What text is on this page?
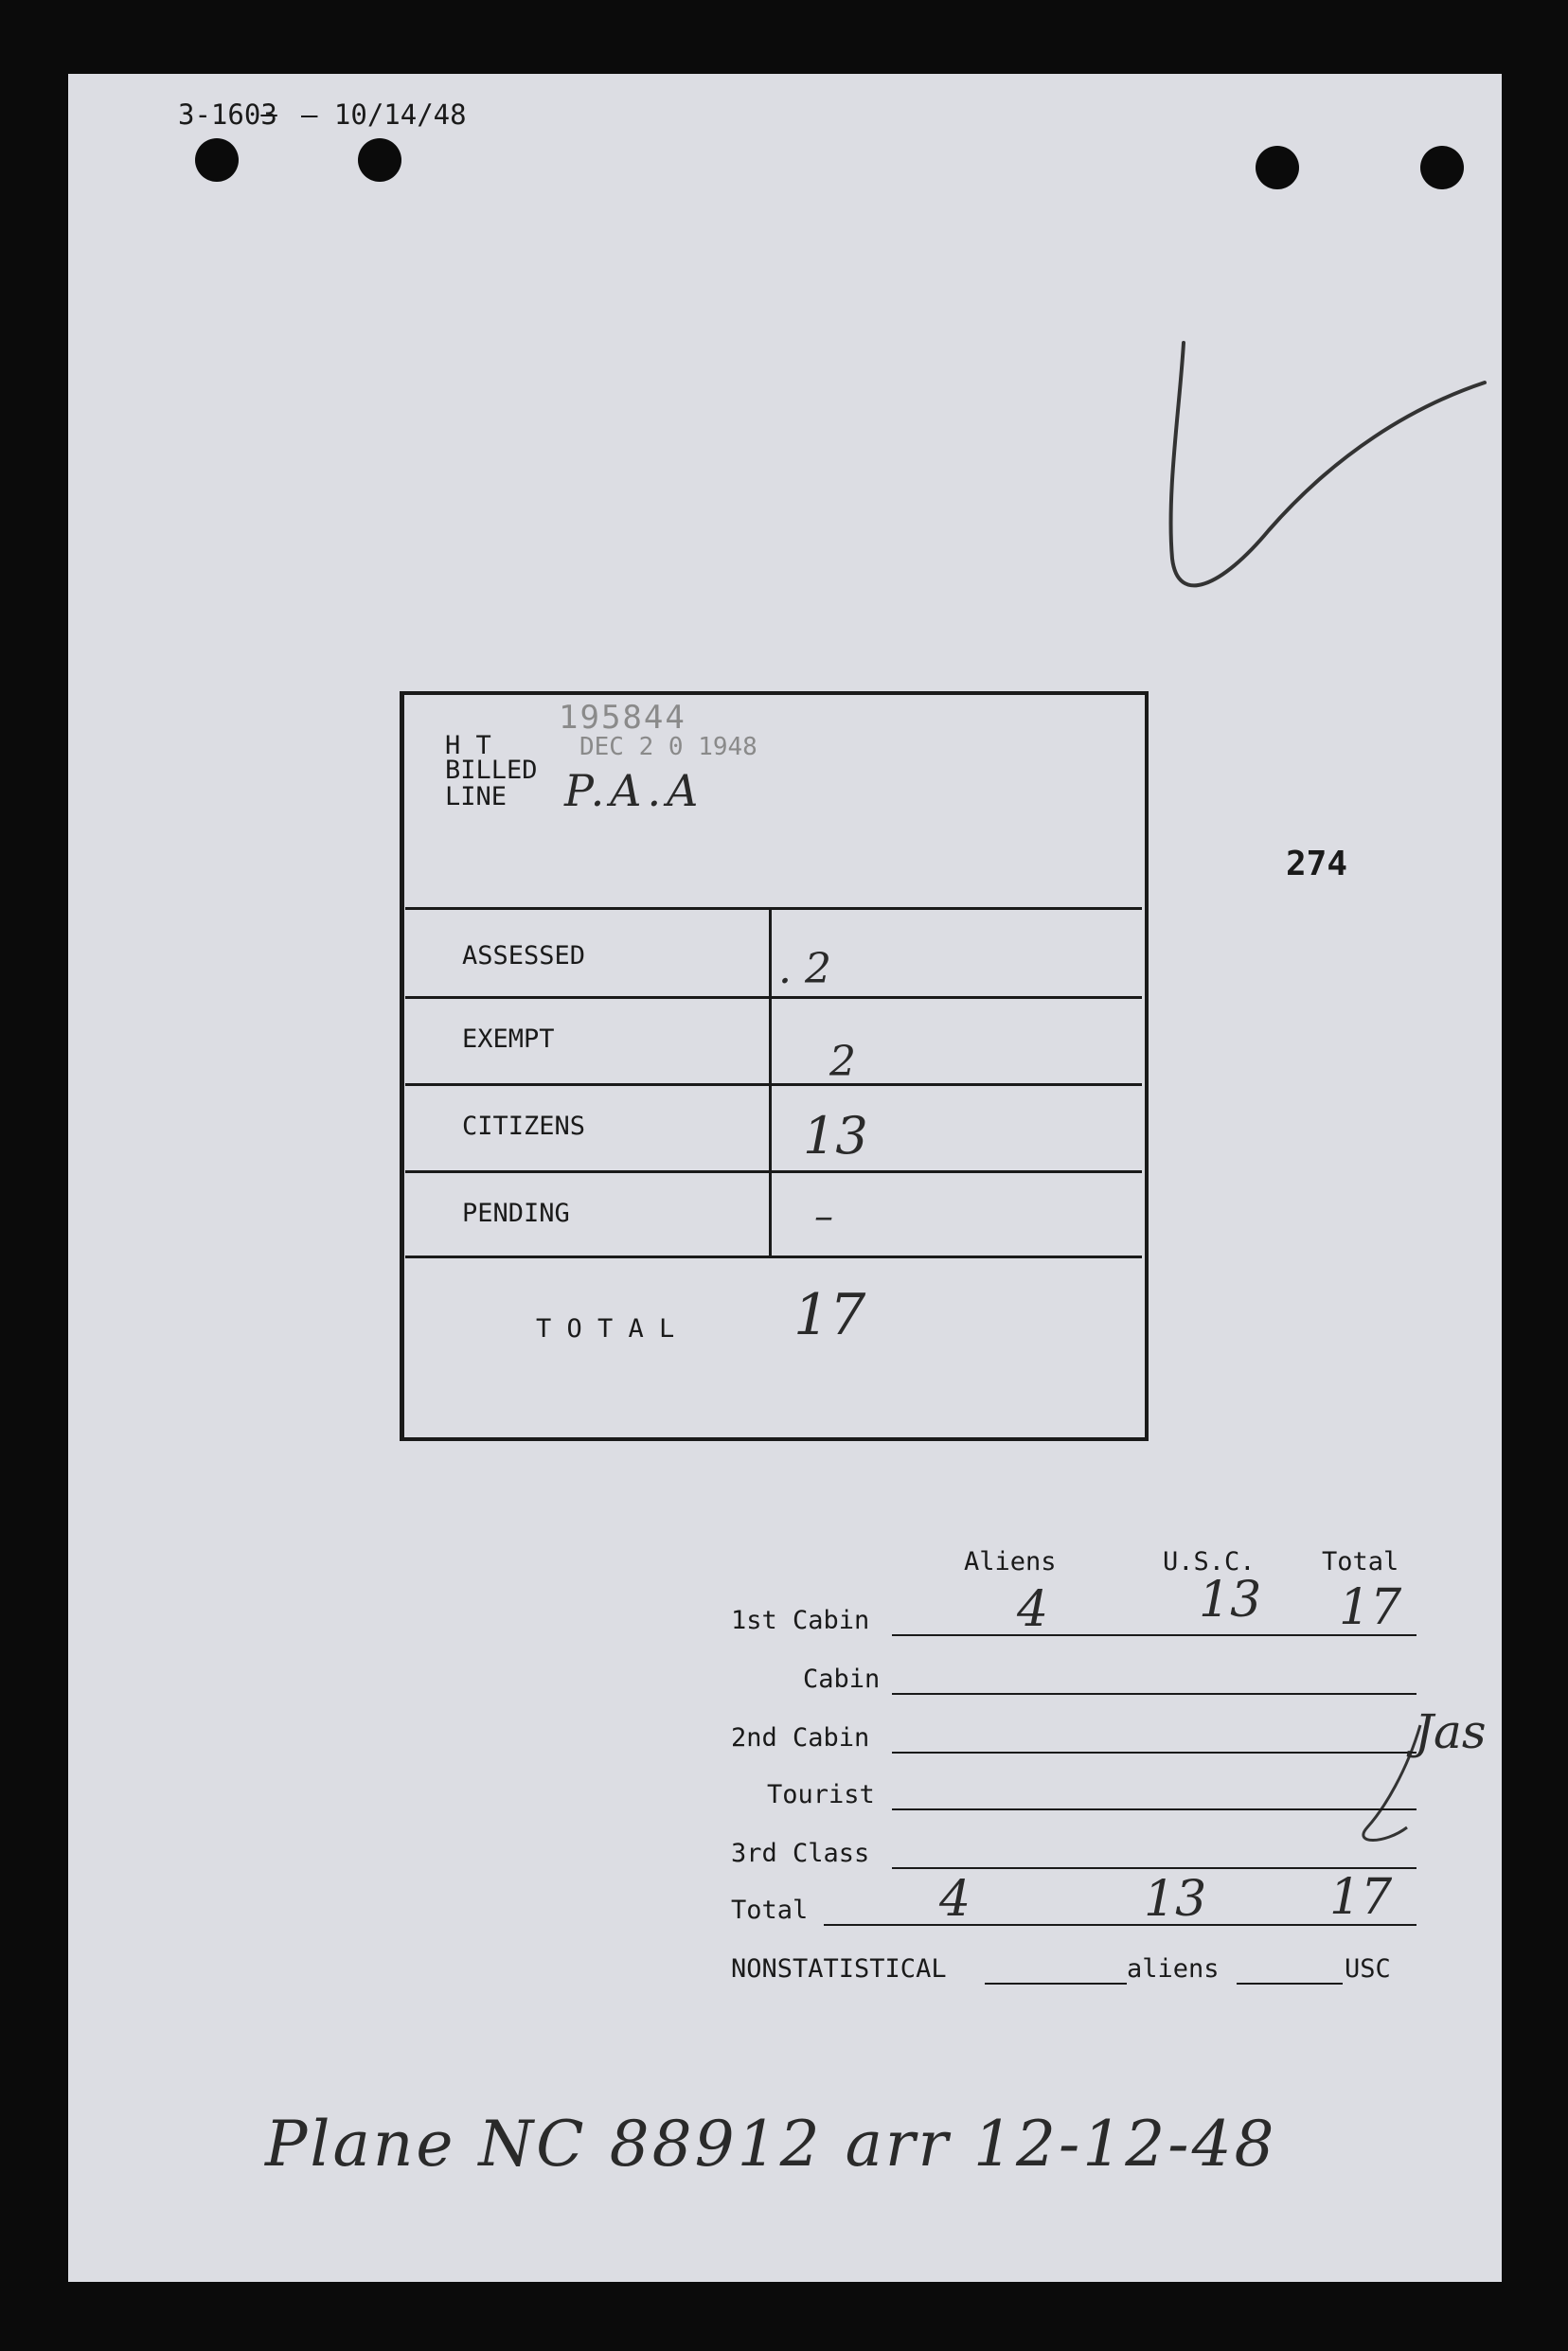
3-1603 – 10/14/48
274
195844
DEC 2 0 1948
H T
BILLED
LINE P.A.A
ASSESSED	. 2
EXEMPT	2
CITIZENS	13
PENDING	–
T O T A L 17
Aliens	U.S.C.	Total
1st Cabin	4	13 17
Cabin
2nd Cabin
Tourist
3rd Class
Total	4	13 17
NONSTATISTICAL	aliens	USC
Jas
Plane NC 88912 arr 12-12-48
